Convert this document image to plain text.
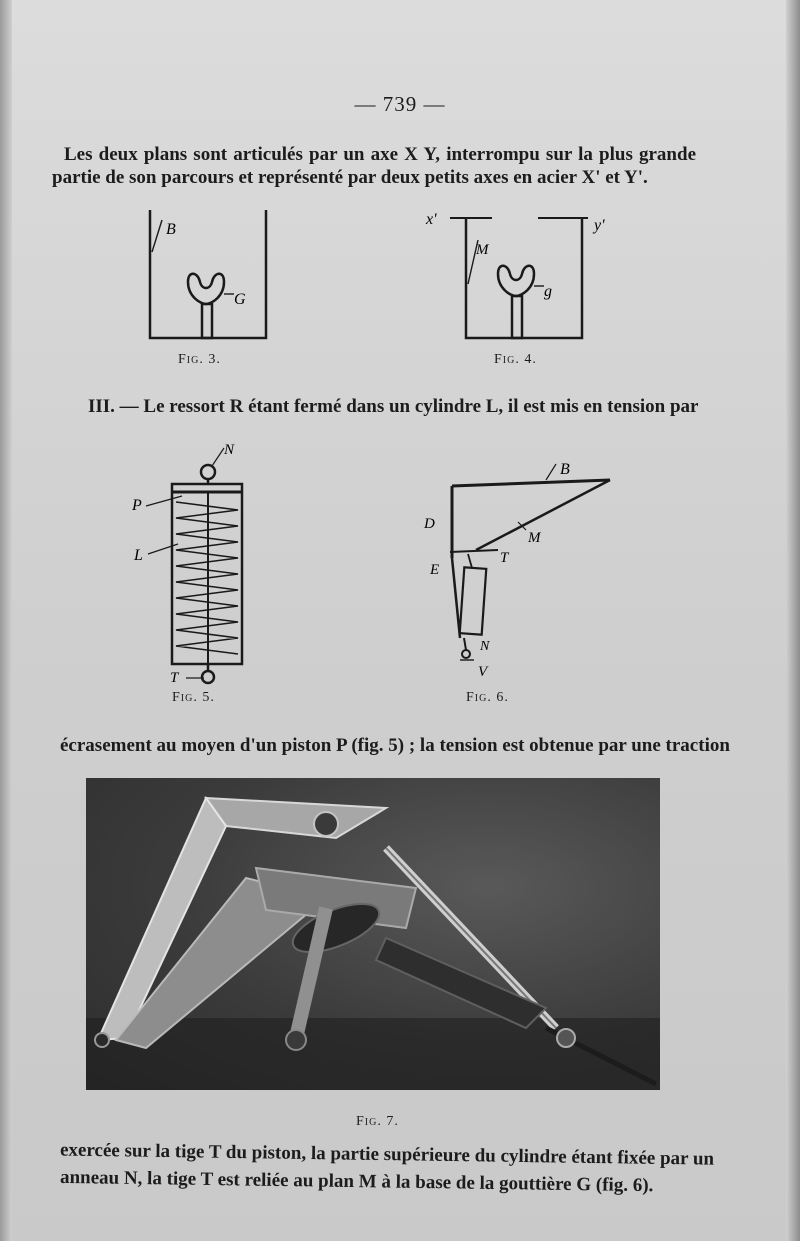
— 739 —
Les deux plans sont articulés par un axe X Y, interrompu sur la plus grande
partie de son parcours et représenté par deux petits axes en acier X' et Y'.
B
G
Fig. 3.
x'	y'
M
g
Fig. 4.
III. — Le ressort R étant fermé dans un cylindre L, il est mis en tension par
N
P
L
T
Fig. 5.
B
D
M
E
T
N
V
Fig. 6.
écrasement au moyen d'un piston P (fig. 5) ; la tension est obtenue par une traction
Fig. 7.
exercée sur la tige T du piston, la partie supérieure du cylindre étant fixée par un
anneau N, la tige T est reliée au plan M à la base de la gouttière G (fig. 6).
